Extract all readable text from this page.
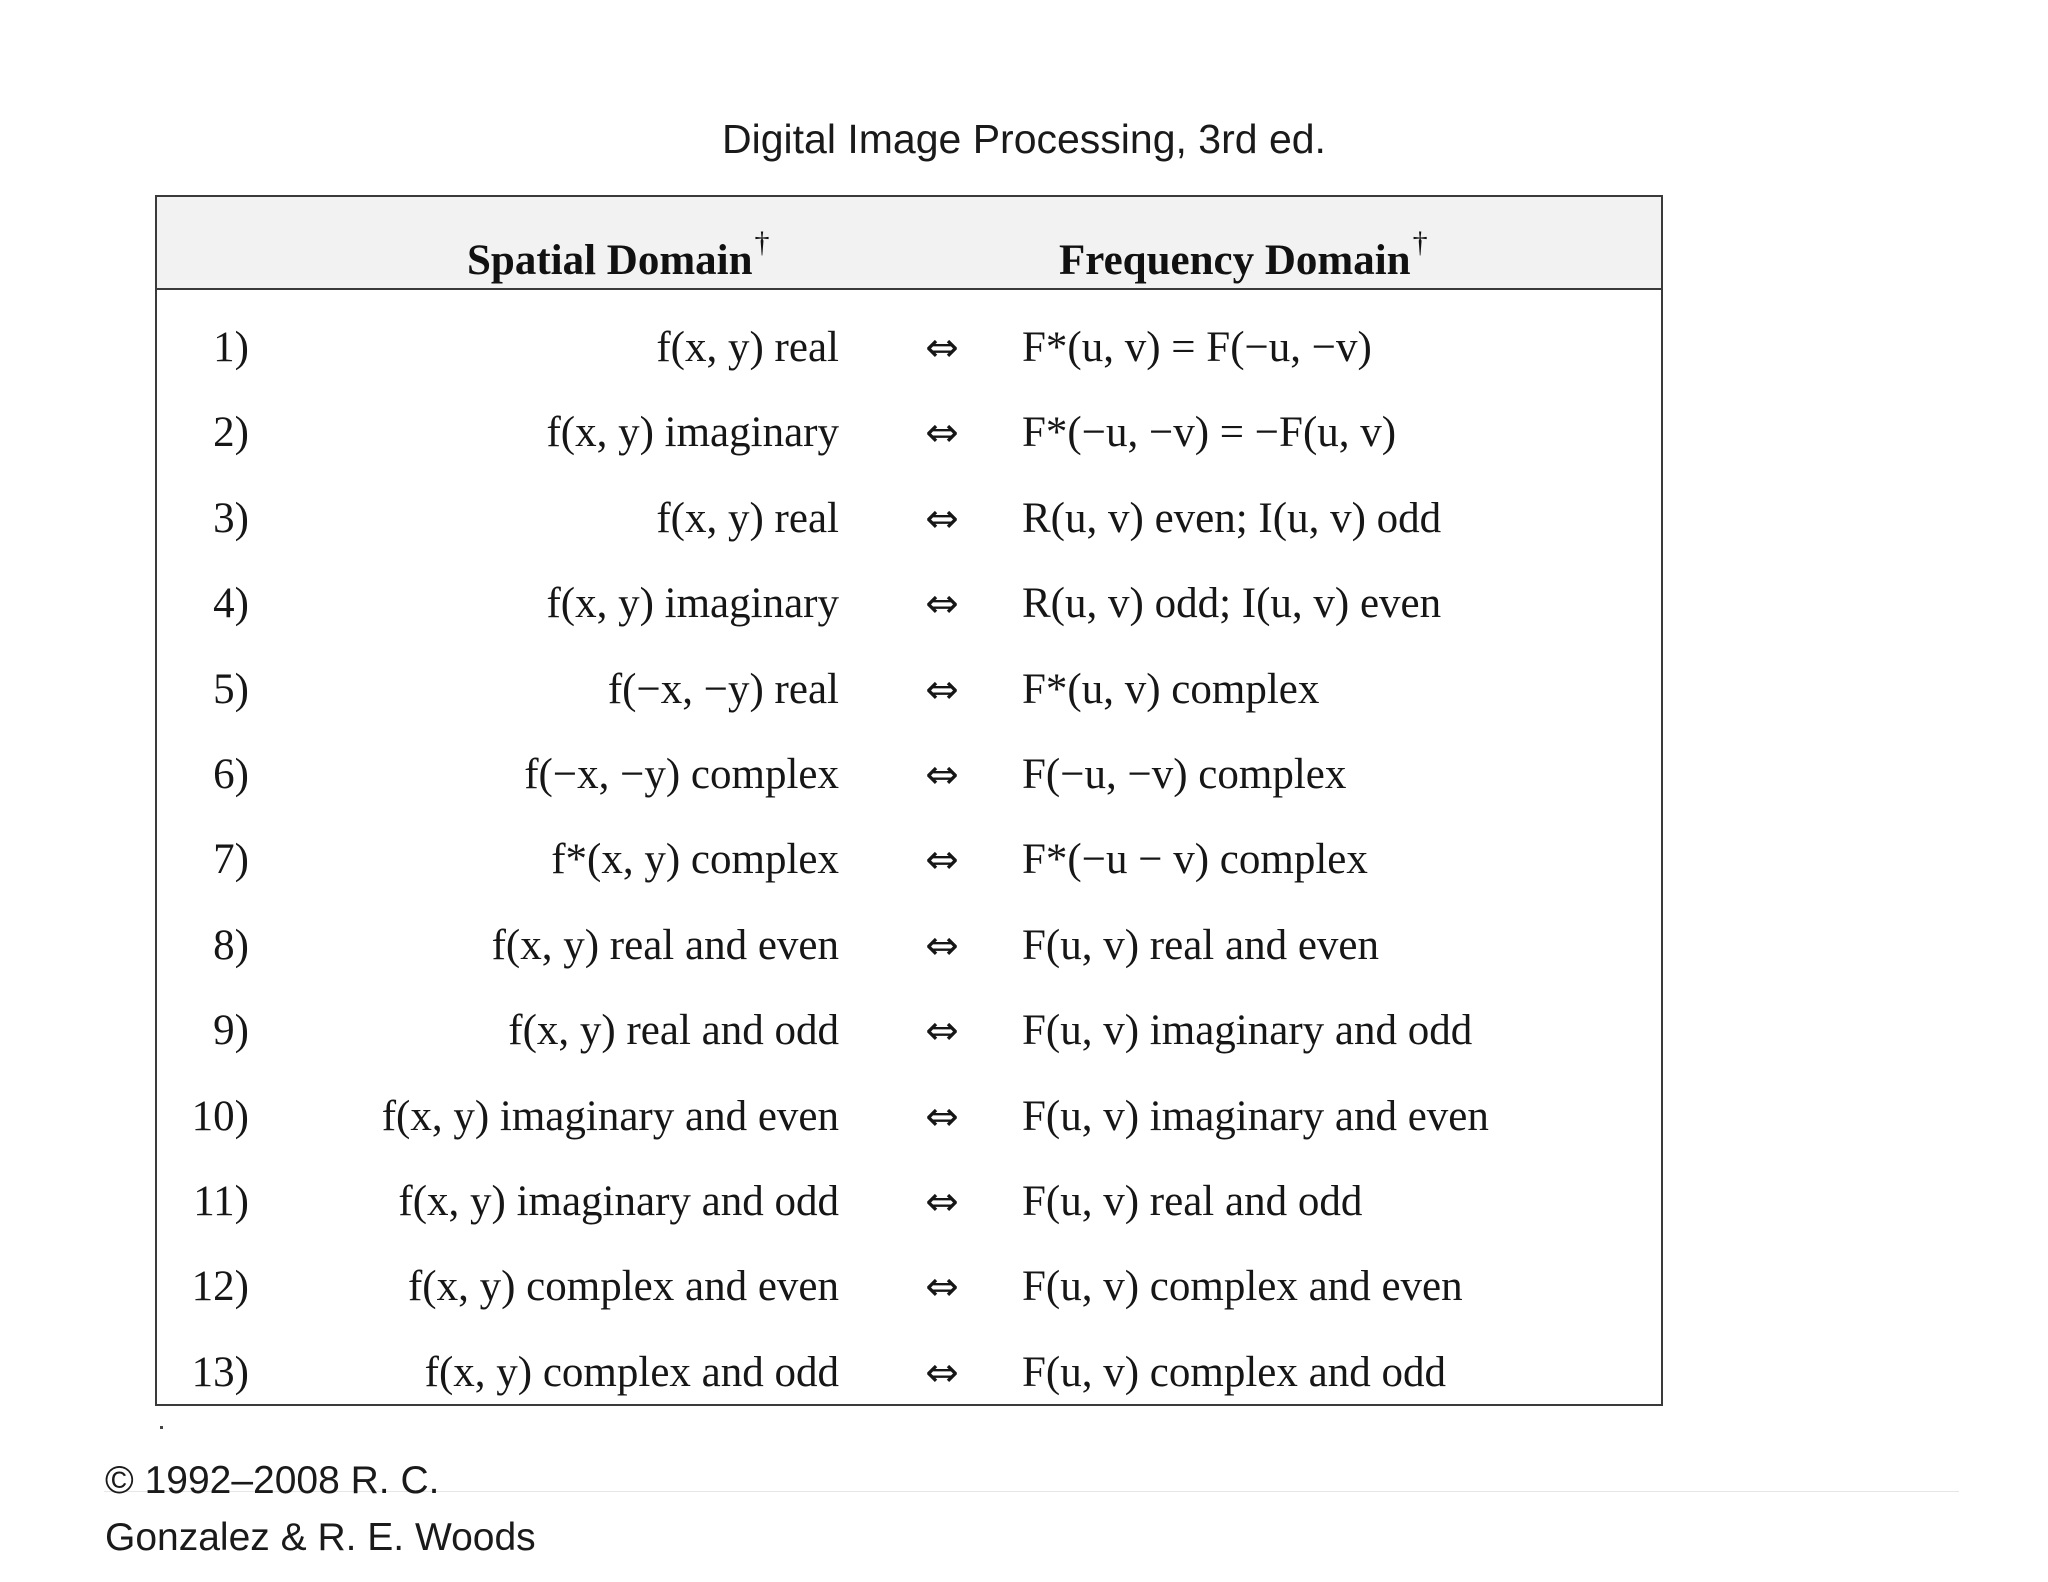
Digital Image Processing, 3rd ed.
Spatial Domain†	Frequency Domain†
1)	f(x, y) real	⇔	F*(u, v) = F(−u, −v)
2)	f(x, y) imaginary	⇔	F*(−u, −v) = −F(u, v)
3)	f(x, y) real	⇔	R(u, v) even; I(u, v) odd
4)	f(x, y) imaginary	⇔	R(u, v) odd; I(u, v) even
5)	f(−x, −y) real	⇔	F*(u, v) complex
6)	f(−x, −y) complex	⇔	F(−u, −v) complex
7)	f*(x, y) complex	⇔	F*(−u − v) complex
8)	f(x, y) real and even	⇔	F(u, v) real and even
9)	f(x, y) real and odd	⇔	F(u, v) imaginary and odd
10)	f(x, y) imaginary and even	⇔	F(u, v) imaginary and even
11)	f(x, y) imaginary and odd	⇔	F(u, v) real and odd
12)	f(x, y) complex and even	⇔	F(u, v) complex and even
13)	f(x, y) complex and odd	⇔	F(u, v) complex and odd
© 1992–2008 R. C.
Gonzalez & R. E. Woods
